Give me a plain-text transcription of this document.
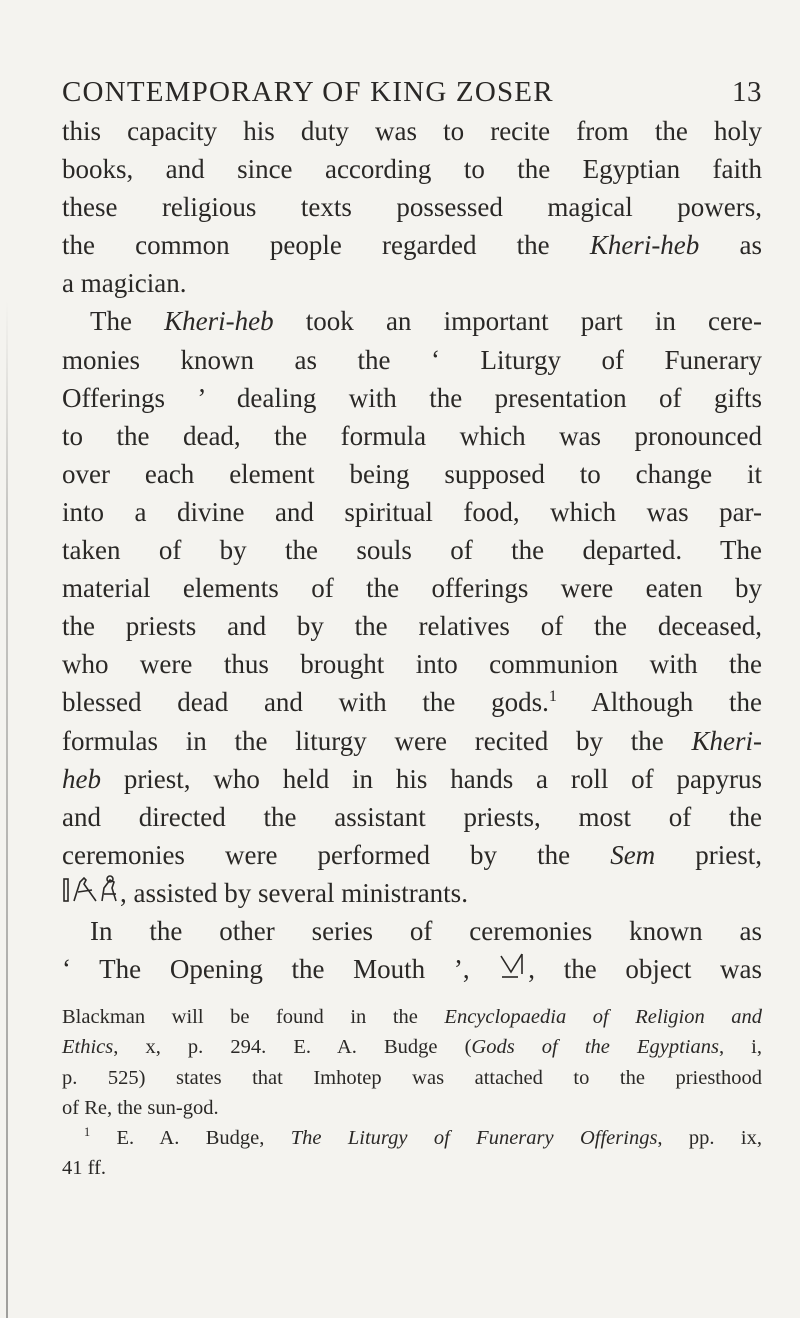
CONTEMPORARY OF KING ZOSER	13
this capacity his duty was to recite from the holy
books, and since according to the Egyptian faith
these religious texts possessed magical powers,
the common people regarded the Kheri-heb as
a magician.
The Kheri-heb took an important part in cere-
monies known as the ‘ Liturgy of Funerary
Offerings ’ dealing with the presentation of gifts
to the dead, the formula which was pronounced
over each element being supposed to change it
into a divine and spiritual food, which was par-
taken of by the souls of the departed. The
material elements of the offerings were eaten by
the priests and by the relatives of the deceased,
who were thus brought into communion with the
blessed dead and with the gods.$^1$ Although the
formulas in the liturgy were recited by the Kheri-
heb priest, who held in his hands a roll of papyrus
and directed the assistant priests, most of the
ceremonies were performed by the Sem priest,
, assisted by several ministrants.
In the other series of ceremonies known as
‘ The Opening the Mouth ’, , the object was
Blackman will be found in the Encyclopaedia of Religion and
Ethics, x, p. 294. E. A. Budge (Gods of the Egyptians, i,
p. 525) states that Imhotep was attached to the priesthood
of Re, the sun-god.
$^1$ E. A. Budge, The Liturgy of Funerary Offerings, pp. ix,
41 ff.
